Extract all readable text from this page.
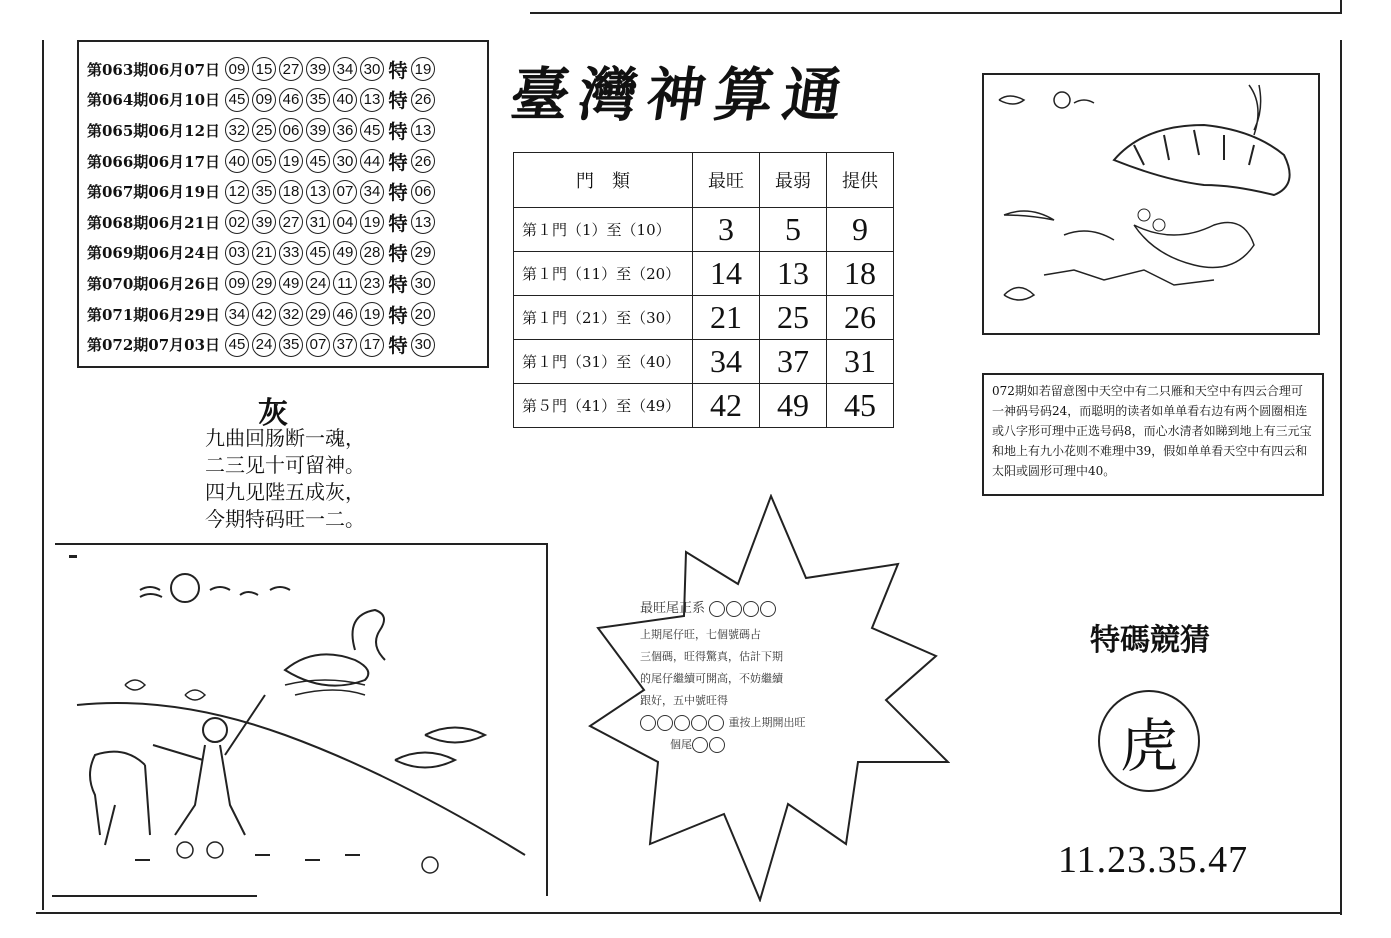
第063期06月07日 09 15 27 39 34 30 特 19
第064期06月10日 45 09 46 35 40 13 特 26
第065期06月12日 32 25 06 39 36 45 特 13
第066期06月17日 40 05 19 45 30 44 特 26
第067期06月19日 12 35 18 13 07 34 特 06
第068期06月21日 02 39 27 31 04 19 特 13
第069期06月24日 03 21 33 45 49 28 特 29
第070期06月26日 09 29 49 24 11 23 特 30
第071期06月29日 34 42 32 29 46 19 特 20
第072期07月03日 45 24 35 07 37 17 特 30
臺灣神算通
門　類	最旺	最弱	提供
第１門（1）至（10）	3	5	9
第１門（11）至（20）	14	13	18
第１門（21）至（30）	21	25	26
第１門（31）至（40）	34	37	31
第５門（41）至（49）	42	49	45
灰
九曲回肠断一魂，
二三见十可留神。
四九见陛五成灰，
今期特码旺一二。
072期如若留意图中天空中有二只雁和天空中有四云合理可一神码号码24，而聪明的读者如单单看右边有两个圆圈相连或八字形可理中正选号码8，而心水清者如睇到地上有三元宝和地上有九小花则不难理中39，假如单单看天空中有四云和太阳或圆形可理中40。
最旺尾正系
上期尾仔旺，七個號碼占
三個碼，旺得驚真，估計下期
的尾仔繼續可開高，不妨繼續
跟好，五中號旺得
重按上期開出旺
個尾
特碼競猜
虎
11.23.35.47
